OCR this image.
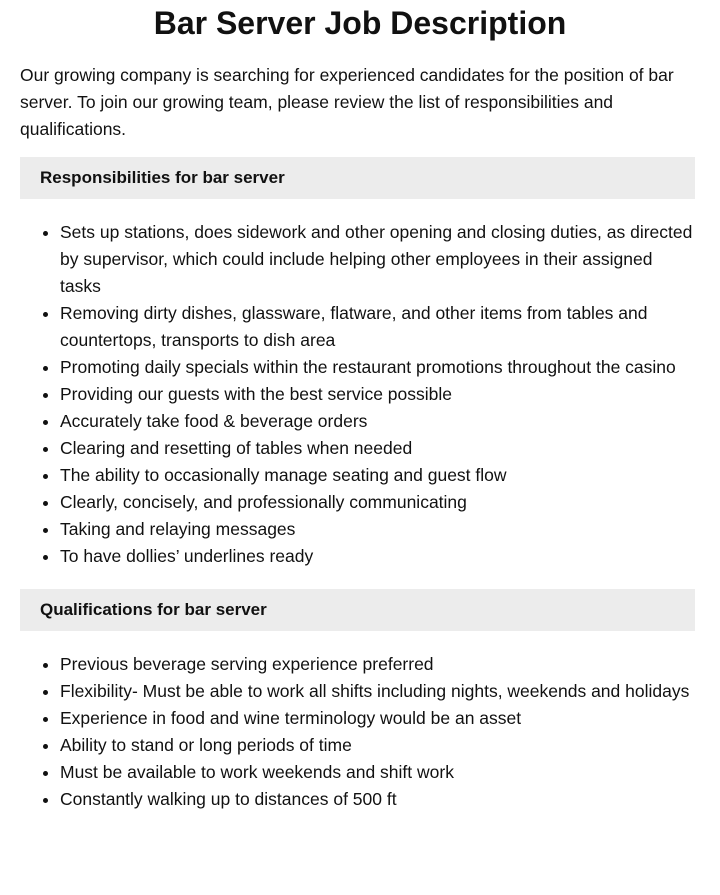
Bar Server Job Description

Our growing company is searching for experienced candidates for the position of bar server. To join our growing team, please review the list of responsibilities and qualifications.

Responsibilities for bar server
• Sets up stations, does sidework and other opening and closing duties, as directed by supervisor, which could include helping other employees in their assigned tasks
• Removing dirty dishes, glassware, flatware, and other items from tables and countertops, transports to dish area
• Promoting daily specials within the restaurant promotions throughout the casino
• Providing our guests with the best service possible
• Accurately take food & beverage orders
• Clearing and resetting of tables when needed
• The ability to occasionally manage seating and guest flow
• Clearly, concisely, and professionally communicating
• Taking and relaying messages
• To have dollies’ underlines ready
Qualifications for bar server
• Previous beverage serving experience preferred
• Flexibility- Must be able to work all shifts including nights, weekends and holidays
• Experience in food and wine terminology would be an asset
• Ability to stand or long periods of time
• Must be available to work weekends and shift work
• Constantly walking up to distances of 500 ft
